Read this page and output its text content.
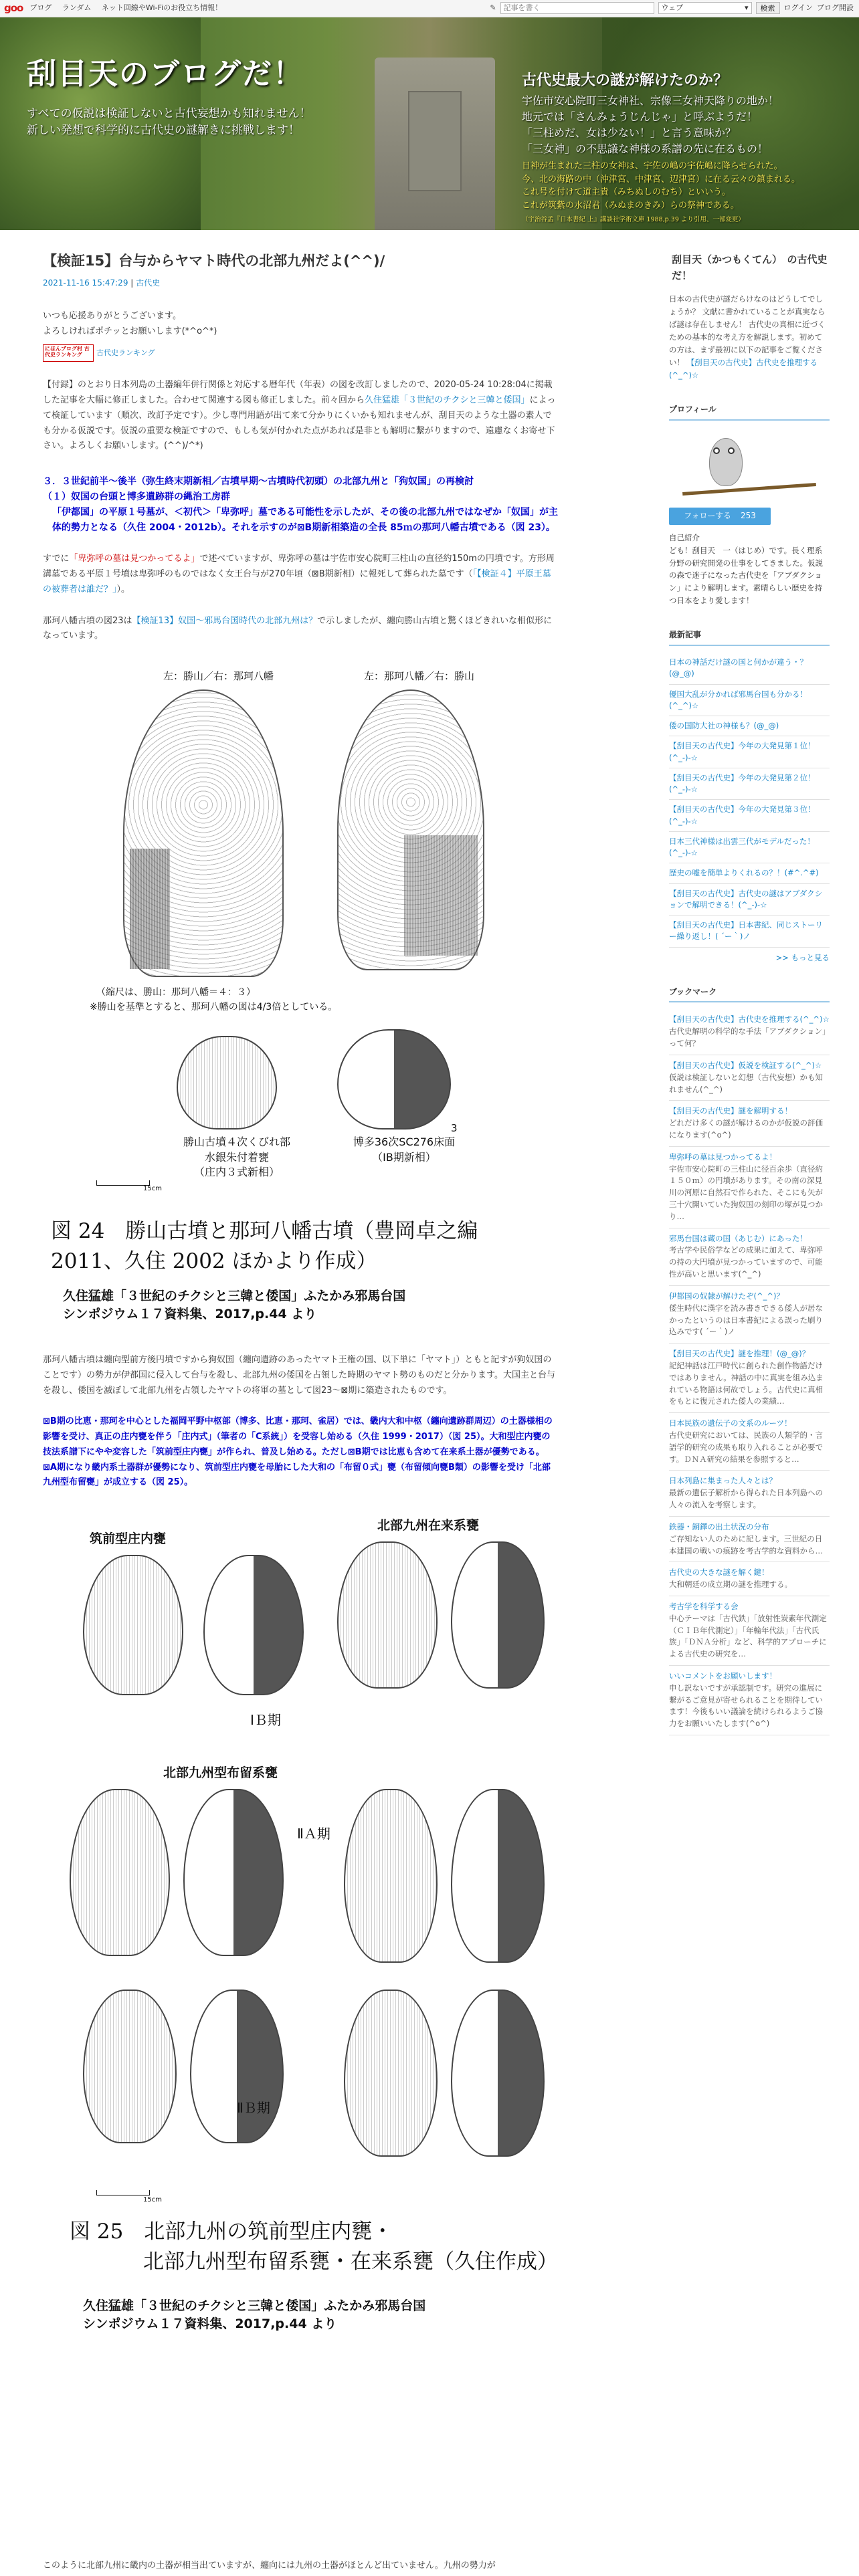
goo ブログ ランダム ネット回線やWi-Fiのお役立ち情報！	✎
記事を書く	ウェブ	▾	検索	ログイン ブログ開設
刮目天のブログだ！
すべての仮説は検証しないと古代妄想かも知れません！
新しい発想で科学的に古代史の謎解きに挑戦します！
古代史最大の謎が解けたのか？
宇佐市安心院町三女神社、宗像三女神天降りの地か！
地元では「さんみょうじんじゃ」と呼ぶようだ！
「三柱めだ、女は少ない！」と言う意味か？
「三女神」の不思議な神様の系譜の先に在るもの！
日神が生まれた三柱の女神は、宇佐の嶋の宇佐嶋に降らせられた。
今、北の海路の中（沖津宮、中津宮、辺津宮）に在る云々の鎮まれる。
これ号を付けて道主貴（みちぬしのむち）といいう。
これが筑紫の水沼君（みぬまのきみ）らの祭神である。
（宇治谷孟『日本書紀 上』講談社学術文庫 1988,p.39 より引用、一部変更）
【検証15】台与からヤマト時代の北部九州だよ(^^)/
2021-11-16 15:47:29 | 古代史
いつも応援ありがとうございます。
よろしければポチッとお願いします(*^o^*)
にほんブログ村 古代史ランキング	古代史ランキング

【付録】のとおり日本列島の土器編年併行関係と対応する暦年代（年表）の図を改訂しましたので、2020-05-24 10:28:04に掲載した記事を大幅に修正しました。合わせて関連する図も修正しました。前々回から久住猛雄「３世紀のチクシと三韓と倭国」によって検証しています（順次、改訂予定です）。少し専門用語が出て来て分かりにくいかも知れませんが、刮目天のような土器の素人でも分かる仮説です。仮説の重要な検証ですので、もしも気が付かれた点があれば是非とも解明に繋がりますので、遠慮なくお寄せ下さい。よろしくお願いします。(^^)/^*)

３．３世紀前半～後半（弥生終末期新相／古墳早期～古墳時代初頭）の北部九州と「狗奴国」の再検討
（１）奴国の台頭と博多遺跡群の縄治工房群
「伊都国」の平原１号墓が、＜初代＞「卑弥呼」墓である可能性を示したが、その後の北部九州ではなぜか「奴国」が主体的勢力となる（久住 2004・2012b）。それを示すのが⊠B期新相築造の全長 85ｍの那珂八幡古墳である（図 23）。

すでに「卑弥呼の墓は見つかってるよ」で述べていますが、卑弥呼の墓は宇佐市安心院町三柱山の直径約150mの円墳です。方形周溝墓である平原１号墳は卑弥呼のものではなく女王台与が270年頃（⊠B期新相）に報死して葬られた墓です（「【検証４】平原王墓の被葬者は誰だ？」）。

那珂八幡古墳の図23は【検証13】奴国〜邪馬台国時代の北部九州は？で示しましたが、纏向勝山古墳と驚くほどきれいな相似形になっています。

左：勝山／右：那珂八幡	左：那珂八幡／右：勝山
（縮尺は、勝山：那珂八幡＝４：３）
※勝山を基準とすると、那珂八幡の図は4/3倍としている。
3
勝山古墳４次くびれ部
水銀朱付着甕
（庄内３式新相）
博多36次SC276床面
（ⅠB期新相）
15cm
図 24　勝山古墳と那珂八幡古墳（豊岡卓之編
2011、久住 2002 ほかより作成）
久住猛雄「３世紀のチクシと三韓と倭国」ふたかみ邪馬台国
シンポジウム１７資料集、2017,p.44 より

那珂八幡古墳は纏向型前方後円墳ですから狗奴国（纏向遺跡のあったヤマト王権の国、以下単に「ヤマト」）ともと記すが狗奴国のことです）の勢力が伊都国に侵入して台与を殺し、北部九州の倭国を占領した時期のヤマト勢のものだと分かります。大国主と台与を殺し、倭国を滅ぼして北部九州を占領したヤマトの将軍の墓として図23〜⊠期に築造されたものです。

⊠B期の比恵・那珂を中心とした福岡平野中枢部（博多、比恵・那珂、雀居）では、畿内大和中枢（纏向遺跡群周辺）の土器様相の影響を受け、真正の庄内甕を伴う「庄内式」（筆者の「C系統」）を受容し始める（久住 1999・2017）（図 25）。大和型庄内甕の技法系譜下にやや変容した「筑前型庄内甕」が作られ、普及し始める。ただし⊠B期では比恵も含めて在来系土器が優勢である。⊠A期になり畿内系土器群が優勢になり、筑前型庄内甕を母胎にした大和の「布留０式」甕（布留傾向甕B類）の影響を受け「北部九州型布留甕」が成立する（図 25）。

筑前型庄内甕
北部九州在来系甕
ⅠＢ期
北部九州型布留系甕
ⅡＡ期
ⅡＢ期
15cm
図 25　北部九州の筑前型庄内甕・
北部九州型布留系甕・在来系甕（久住作成）
久住猛雄「３世紀のチクシと三韓と倭国」ふたかみ邪馬台国
シンポジウム１７資料集、2017,p.44 より
このように北部九州に畿内の土器が相当出ていますが、纏向には九州の土器がほとんど出ていません。九州の勢力が
刮目天（かつもくてん）　の古代史だ！
日本の古代史が謎だらけなのはどうしてでしょうか？ 文献に書かれていることが真実ならば謎は存在しません！ 古代史の真相に近づくための基本的な考え方を解説します。初めての方は、まず最初に以下の記事をご覧ください！ 【刮目天の古代史】古代史を推理する(^_^)☆
プロフィール
フォローする 253
自己紹介
ども！刮目天　一（はじめ）です。長く理系分野の研究開発の仕事をしてきました。仮説の森で迷子になった古代史を「アブダクション」により解明します。素晴らしい歴史を持つ日本をより愛します！
最新記事
日本の神話だけ謎の国と何かが違う・？(@_@)
優国大乱が分かれば邪馬台国も分かる！(^_^)☆
倭の国防大社の神様も？(@_@)
【刮目天の古代史】今年の大発見第１位！(^_-)-☆
【刮目天の古代史】今年の大発見第２位！(^_-)-☆
【刮目天の古代史】今年の大発見第３位！(^_-)-☆
日本三代神様は出雲三代がモデルだった！(^_-)-☆
歴史の嘘を簡単よりくれるの？！(#^.^#)
【刮目天の古代史】古代史の謎はアブダクションで解明できる！(^_-)-☆
【刮目天の古代史】日本書紀、同じストーリー繰り返し！( ´ー｀)ノ
>> もっと見る
ブックマーク
【刮目天の古代史】古代史を推理する(^_^)☆
古代史解明の科学的な手法「アブダクション」って何？
【刮目天の古代史】仮説を検証する(^_^)☆
仮説は検証しないと幻想（古代妄想）かも知れません(^_^)
【刮目天の古代史】謎を解明する！
どれだけ多くの謎が解けるのかが仮説の評価になります(^o^)
卑弥呼の墓は見つかってるよ！
宇佐市安心院町の三柱山に径百余歩（直径約１５０ｍ）の円墳があります。その南の深見川の河原に自然石で作られた、そこにも矢が三十穴開いていた狗奴国の刻印の塚が見つかり…
邪馬台国は蔵の国（あじむ）にあった！
考古学や民俗学などの成果に加えて、卑弥呼の持の大円墳が見つかっていますので、可能性が高いと思います(^_^)
伊都国の奴隷が解けたぞ(^_^)？
倭生時代に漢字を読み書きできる倭人が居なかったというのは日本書紀による誤った刷り込みです( ´ー｀)ノ
【刮目天の古代史】謎を推理！(@_@)？
記紀神話は江戸時代に創られた創作物語だけではありません。神話の中に真実を組み込まれている物語は何故でしょう。古代史に真相をもとに復元された倭人の業績…
日本民族の遺伝子の文系のルーツ！
古代史研究においては、民族の人類学的・言語学的研究の成果も取り入れることが必要です。ＤＮＡ研究の結果を参照すると…
日本列島に集まった人々とは？
最新の遺伝子解析から得られた日本列島への人々の流入を考察します。
鉄器・銅鐸の出土状況の分布
ご存知ない人のために記します。三世紀の日本建国の戦いの痕跡を考古学的な資料から…
古代史の大きな謎を解く鍵！
大和朝廷の成立期の謎を推理する。
考古学を科学する会
中心テーマは「古代鉄」「放射性炭素年代測定（ＣＩＢ年代測定）」「年輪年代法」「古代氏族」「ＤＮＡ分析」など、科学的アプローチによる古代史の研究を…
いいコメントをお願いします！
申し訳ないですが承認制です。研究の進展に繋がるご意見が寄せられることを期待しています！今後もいい議論を続けられるようご協力をお願いいたします(^o^)
